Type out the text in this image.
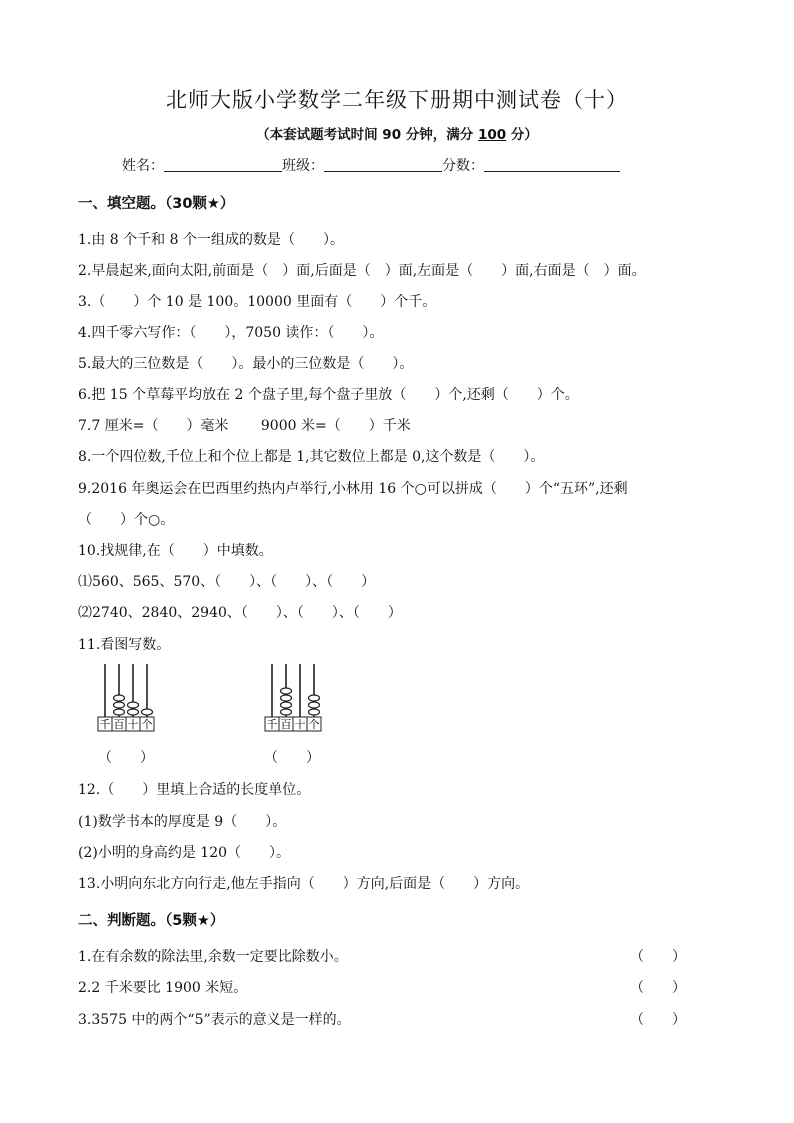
北师大版小学数学二年级下册期中测试卷（十）
（本套试题考试时间 90 分钟，满分 100 分）
姓名：	班级：	分数：
一、填空题。（30颗★）
1.由 8 个千和 8 个一组成的数是（　　）。
2.早晨起来,面向太阳,前面是（　）面,后面是（　）面,左面是（　　）面,右面是（　）面。
3.（　　）个 10 是 100。10000 里面有（　　）个千。
4.四千零六写作：（　　），7050 读作：（　　）。
5.最大的三位数是（　　）。最小的三位数是（　　）。
6.把 15 个草莓平均放在 2 个盘子里,每个盘子里放（　　）个,还剩（　　）个。
7.7 厘米=（　　）毫米　　 9000 米=（　　）千米
8.一个四位数,千位上和个位上都是 1,其它数位上都是 0,这个数是（　　）。
9.2016 年奥运会在巴西里约热内卢举行,小林用 16 个○可以拼成（　　）个“五环”,还剩
（　　）个○。
10.找规律,在（　　）中填数。
⑴560、565、570、（　　）、（　　）、（　　）
⑵2740、2840、2940、（　　）、（　　）、（　　）
11.看图写数。
千 百 十 个
（　　）
千 百 十 个
（　　）
12.（　　）里填上合适的长度单位。
(1)数学书本的厚度是 9（　　）。
(2)小明的身高约是 120（　　）。
13.小明向东北方向行走,他左手指向（　　）方向,后面是（　　）方向。
二、判断题。（5颗★）
1.在有余数的除法里,余数一定要比除数小。	（　　）
2.2 千米要比 1900 米短。	（　　）
3.3575 中的两个“5”表示的意义是一样的。	（　　）
